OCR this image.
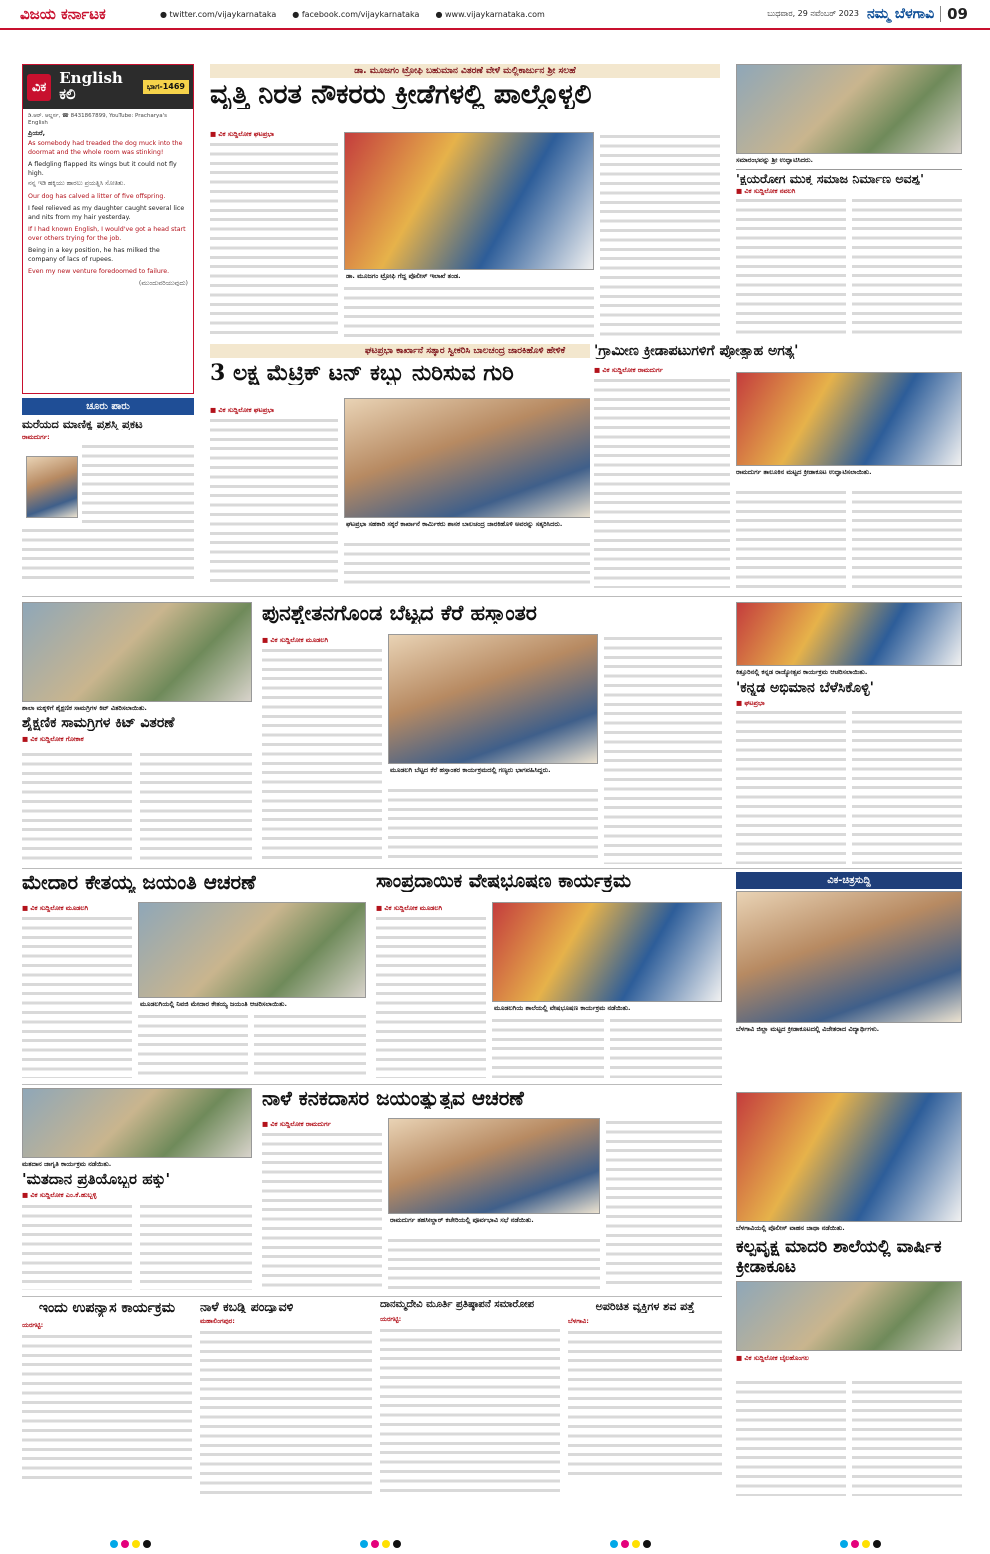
ವಿಜಯ ಕರ್ನಾಟಕ	● twitter.com/vijaykarnataka ● facebook.com/vijaykarnataka ● www.vijaykarnataka.com	ಬುಧವಾರ, 29 ನವೆಂಬರ್ 2023 ನಮ್ಮ ಬೆಳಗಾವಿ 09
ವಿಕ English
ಕಲಿ	ಭಾಗ-1469
ಡಿ.ಆರ್. ಆಲ್ದರ್ಸ, ☎ 8431867899, YouTube: Pracharya's English
ಪ್ರಿಯರೆ,
As somebody had treaded the dog muck into the doormat and the whole room was stinking!
A fledgling flapped its wings but it could not fly high.
ನನ್ನ ಇಡಿ ಹಕ್ಕಿಯು ಹಾರಲು ಪ್ರಯತ್ನಿಸಿ ಸೋತಿತು.
Our dog has calved a litter of five offspring.
I feel relieved as my daughter caught several lice and nits from my hair yesterday.
If I had known English, I would've got a head start over others trying for the job.
Being in a key position, he has milked the company of lacs of rupees.
Even my new venture foredoomed to failure.
(ಮುಂದುವರಿಯುವುದು)
ಚೂರು ಪಾರು
ಮರೆಯದ ಮಾಣಿಕ್ಯ ಪ್ರಶಸ್ತಿ ಪ್ರಕಟ
ರಾಮದುರ್ಗ:
ಡಾ. ಮೂಜಗಂ ಟ್ರೋಫಿ ಬಹುಮಾನ ವಿತರಣೆ ವೇಳೆ ಮಲ್ಲಿಕಾರ್ಜುನ ಶ್ರೀ ಸಲಹೆ
ವೃತ್ತಿ ನಿರತ ನೌಕರರು ಕ್ರೀಡೆಗಳಲ್ಲಿ ಪಾಲ್ಗೊಳ್ಳಲಿ
■ ವಿಕ ಸುದ್ದಿಲೋಕ ಘಟಪ್ರಭಾ
ಡಾ. ಮೂಜಗಂ ಟ್ರೋಫಿ ಗೆದ್ದ ಪೊಲೀಸ್ ಇಲಾಖೆ ತಂಡ.
ಸಮಾರಂಭವನ್ನು ಶ್ರೀ ಉದ್ಘಾಟಿಸಿದರು.
'ಕ್ಷಯರೋಗ ಮುಕ್ತ ಸಮಾಜ ನಿರ್ಮಾಣ ಅವಶ್ಯ'
■ ವಿಕ ಸುದ್ದಿಲೋಕ ನವಲಗಿ
ಘಟಪ್ರಭಾ ಕಾರ್ಖಾನೆ ಸತ್ಕಾರ ಸ್ವೀಕರಿಸಿ ಬಾಲಚಂದ್ರ ಜಾರಕಿಹೊಳಿ ಹೇಳಿಕೆ
3 ಲಕ್ಷ ಮೆಟ್ರಿಕ್ ಟನ್ ಕಬ್ಬು ನುರಿಸುವ ಗುರಿ
■ ವಿಕ ಸುದ್ದಿಲೋಕ ಘಟಪ್ರಭಾ
ಘಟಪ್ರಭಾ ಸಹಕಾರಿ ಸಕ್ಕರೆ ಕಾರ್ಖಾನೆ ಕಾರ್ಮಿಕರು ಶಾಸಕ ಬಾಲಚಂದ್ರ ಜಾರಕಿಹೊಳಿ ಅವರನ್ನು ಸತ್ಕರಿಸಿದರು.
'ಗ್ರಾಮೀಣ ಕ್ರೀಡಾಪಟುಗಳಿಗೆ ಪ್ರೋತ್ಸಾಹ ಅಗತ್ಯ'
■ ವಿಕ ಸುದ್ದಿಲೋಕ ರಾಮದುರ್ಗ
ರಾಮದುರ್ಗ ತಾಲೂಕಿನ ಮಟ್ಟದ ಕ್ರೀಡಾಕೂಟ ಉದ್ಘಾಟಿಸಲಾಯಿತು.
ಶಾಲಾ ಮಕ್ಕಳಿಗೆ ಶೈಕ್ಷಣಿಕ ಸಾಮಗ್ರಿಗಳ ಕಿಟ್ ವಿತರಿಸಲಾಯಿತು.
ಶೈಕ್ಷಣಿಕ ಸಾಮಗ್ರಿಗಳ ಕಿಟ್ ವಿತರಣೆ
■ ವಿಕ ಸುದ್ದಿಲೋಕ ಗೋಕಾಕ
ಪುನಶ್ಚೇತನಗೊಂಡ ಬೆಟ್ಟದ ಕೆರೆ ಹಸ್ತಾಂತರ
■ ವಿಕ ಸುದ್ದಿಲೋಕ ಮೂಡಲಗಿ
ಮೂಡಲಗಿ ಬೆಟ್ಟದ ಕೆರೆ ಹಸ್ತಾಂತರ ಕಾರ್ಯಕ್ರಮದಲ್ಲಿ ಗಣ್ಯರು ಭಾಗವಹಿಸಿದ್ದರು.
ಕಿತ್ತೂರಿನಲ್ಲಿ ಕನ್ನಡ ರಾಜ್ಯೋತ್ಸವ ಕಾರ್ಯಕ್ರಮ ಆಚರಿಸಲಾಯಿತು.
'ಕನ್ನಡ ಅಭಿಮಾನ ಬೆಳೆಸಿಕೊಳ್ಳಿ'
■ ಘಟಪ್ರಭಾ
ಮೇದಾರ ಕೇತಯ್ಯ ಜಯಂತಿ ಆಚರಣೆ
■ ವಿಕ ಸುದ್ದಿಲೋಕ ಮೂಡಲಗಿ
ಮೂಡಲಗಿಯಲ್ಲಿ ನಿವಜಿ ಮೇದಾರ ಕೇತಯ್ಯ ಜಯಂತಿ ಆಚರಿಸಲಾಯಿತು.
ಸಾಂಪ್ರದಾಯಿಕ ವೇಷಭೂಷಣ ಕಾರ್ಯಕ್ರಮ
■ ವಿಕ ಸುದ್ದಿಲೋಕ ಮೂಡಲಗಿ
ಮೂಡಲಗಿಯ ಶಾಲೆಯಲ್ಲಿ ವೇಷಭೂಷಣ ಕಾರ್ಯಕ್ರಮ ನಡೆಯಿತು.
ವಿಕ-ಚಿತ್ರಸುದ್ದಿ
ಬೆಳಗಾವಿ ಜಿಲ್ಲಾ ಮಟ್ಟದ ಕ್ರೀಡಾಕೂಟದಲ್ಲಿ ವಿಜೇತರಾದ ವಿದ್ಯಾರ್ಥಿಗಳು.
ಮತದಾನ ಜಾಗೃತಿ ಕಾರ್ಯಕ್ರಮ ನಡೆಯಿತು.
'ಮತದಾನ ಪ್ರತಿಯೊಬ್ಬರ ಹಕ್ಕು'
■ ವಿಕ ಸುದ್ದಿಲೋಕ ಎಂ.ಕೆ.ಹುಬ್ಬಳ್ಳಿ
ನಾಳೆ ಕನಕದಾಸರ ಜಯಂತ್ಯುತ್ಸವ ಆಚರಣೆ
■ ವಿಕ ಸುದ್ದಿಲೋಕ ರಾಮದುರ್ಗ
ರಾಮದುರ್ಗ ತಹಸೀಲ್ದಾರ್ ಕಚೇರಿಯಲ್ಲಿ ಪೂರ್ವಭಾವಿ ಸಭೆ ನಡೆಯಿತು.
ಬೆಳಗಾವಿಯಲ್ಲಿ ಪೊಲೀಸ್ ವಾಹನ ಜಾಥಾ ನಡೆಯಿತು.
ಕಲ್ಪವೃಕ್ಷ ಮಾದರಿ ಶಾಲೆಯಲ್ಲಿ ವಾರ್ಷಿಕ ಕ್ರೀಡಾಕೂಟ
■ ವಿಕ ಸುದ್ದಿಲೋಕ ಬೈಲಹೊಂಗಲ
ಇಂದು ಉಪನ್ಯಾಸ ಕಾರ್ಯಕ್ರಮ
ಯರಗಟ್ಟಿ:
ನಾಳೆ ಕಬಡ್ಡಿ ಪಂದ್ಯಾವಳಿ
ಮಹಾಲಿಂಗಪುರ:
ದಾನಮ್ಮದೇವಿ ಮೂರ್ತಿ ಪ್ರತಿಷ್ಠಾಪನೆ ಸಮಾರೋಪ
ಯರಗಟ್ಟಿ:
ಅಪರಿಚಿತ ವ್ಯಕ್ತಿಗಳ ಶವ ಪತ್ತೆ
ಬೆಳಗಾವಿ:
